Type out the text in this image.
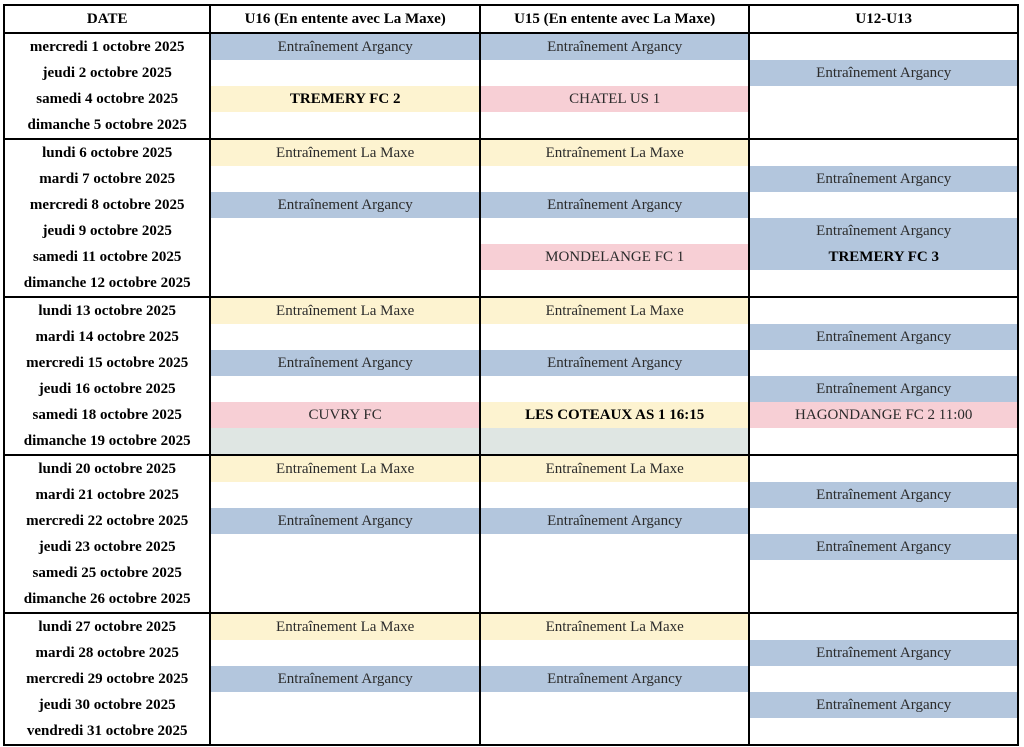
DATE	U16 (En entente avec La Maxe)	U15 (En entente avec La Maxe)	U12-U13
mercredi 1 octobre 2025	Entraînement Argancy	Entraînement Argancy	
jeudi 2 octobre 2025			Entraînement Argancy
samedi 4 octobre 2025	TREMERY FC 2	CHATEL US 1	
dimanche 5 octobre 2025			
lundi 6 octobre 2025	Entraînement La Maxe	Entraînement La Maxe	
mardi 7 octobre 2025			Entraînement Argancy
mercredi 8 octobre 2025	Entraînement Argancy	Entraînement Argancy	
jeudi 9 octobre 2025			Entraînement Argancy
samedi 11 octobre 2025		MONDELANGE FC 1	TREMERY FC 3
dimanche 12 octobre 2025			
lundi 13 octobre 2025	Entraînement La Maxe	Entraînement La Maxe	
mardi 14 octobre 2025			Entraînement Argancy
mercredi 15 octobre 2025	Entraînement Argancy	Entraînement Argancy	
jeudi 16 octobre 2025			Entraînement Argancy
samedi 18 octobre 2025	CUVRY FC	LES COTEAUX AS 1 16:15	HAGONDANGE FC 2 11:00
dimanche 19 octobre 2025			
lundi 20 octobre 2025	Entraînement La Maxe	Entraînement La Maxe	
mardi 21 octobre 2025			Entraînement Argancy
mercredi 22 octobre 2025	Entraînement Argancy	Entraînement Argancy	
jeudi 23 octobre 2025			Entraînement Argancy
samedi 25 octobre 2025			
dimanche 26 octobre 2025			
lundi 27 octobre 2025	Entraînement La Maxe	Entraînement La Maxe	
mardi 28 octobre 2025			Entraînement Argancy
mercredi 29 octobre 2025	Entraînement Argancy	Entraînement Argancy	
jeudi 30 octobre 2025			Entraînement Argancy
vendredi 31 octobre 2025			
